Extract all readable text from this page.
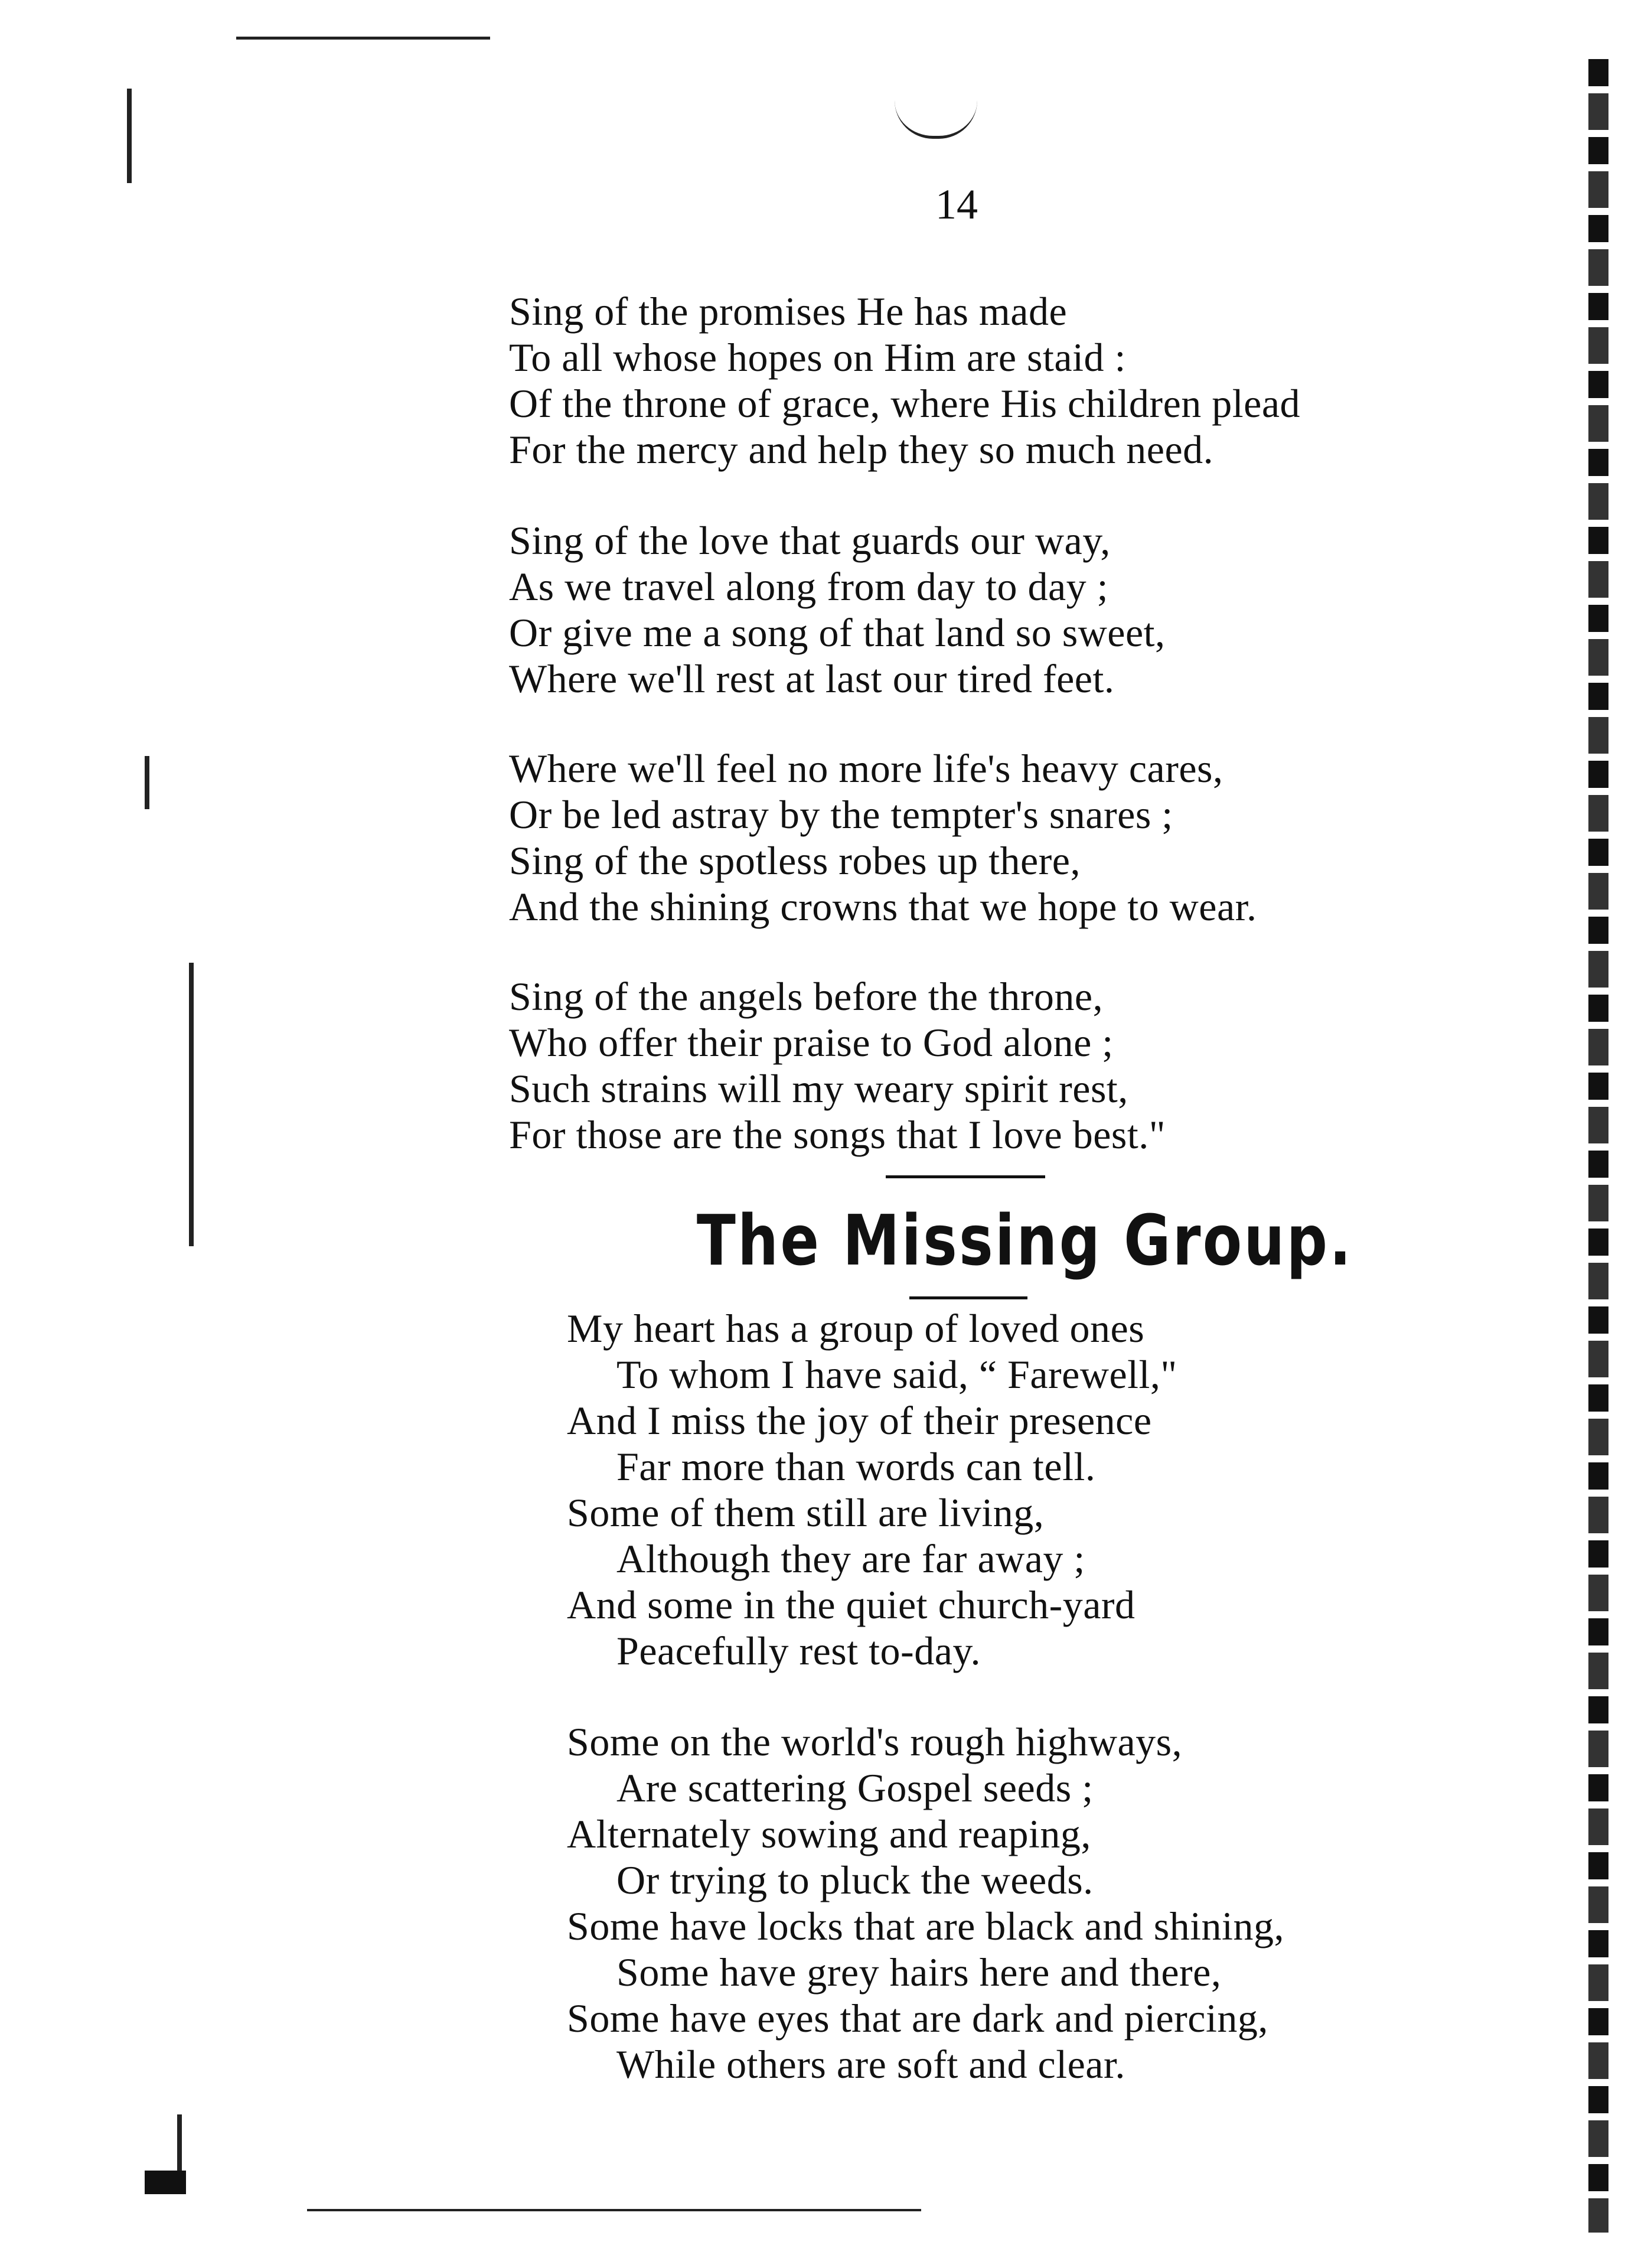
14
Sing of the promises He has made
To all whose hopes on Him are staid :
Of the throne of grace, where His children plead
For the mercy and help they so much need.
Sing of the love that guards our way,
As we travel along from day to day ;
Or give me a song of that land so sweet,
Where we'll rest at last our tired feet.
Where we'll feel no more life's heavy cares,
Or be led astray by the tempter's snares ;
Sing of the spotless robes up there,
And the shining crowns that we hope to wear.
Sing of the angels before the throne,
Who offer their praise to God alone ;
Such strains will my weary spirit rest,
For those are the songs that I love best."
The Missing Group.
My heart has a group of loved ones
To whom I have said, “ Farewell,"
And I miss the joy of their presence
Far more than words can tell.
Some of them still are living,
Although they are far away ;
And some in the quiet church-yard
Peacefully rest to-day.
Some on the world's rough highways,
Are scattering Gospel seeds ;
Alternately sowing and reaping,
Or trying to pluck the weeds.
Some have locks that are black and shining,
Some have grey hairs here and there,
Some have eyes that are dark and piercing,
While others are soft and clear.
